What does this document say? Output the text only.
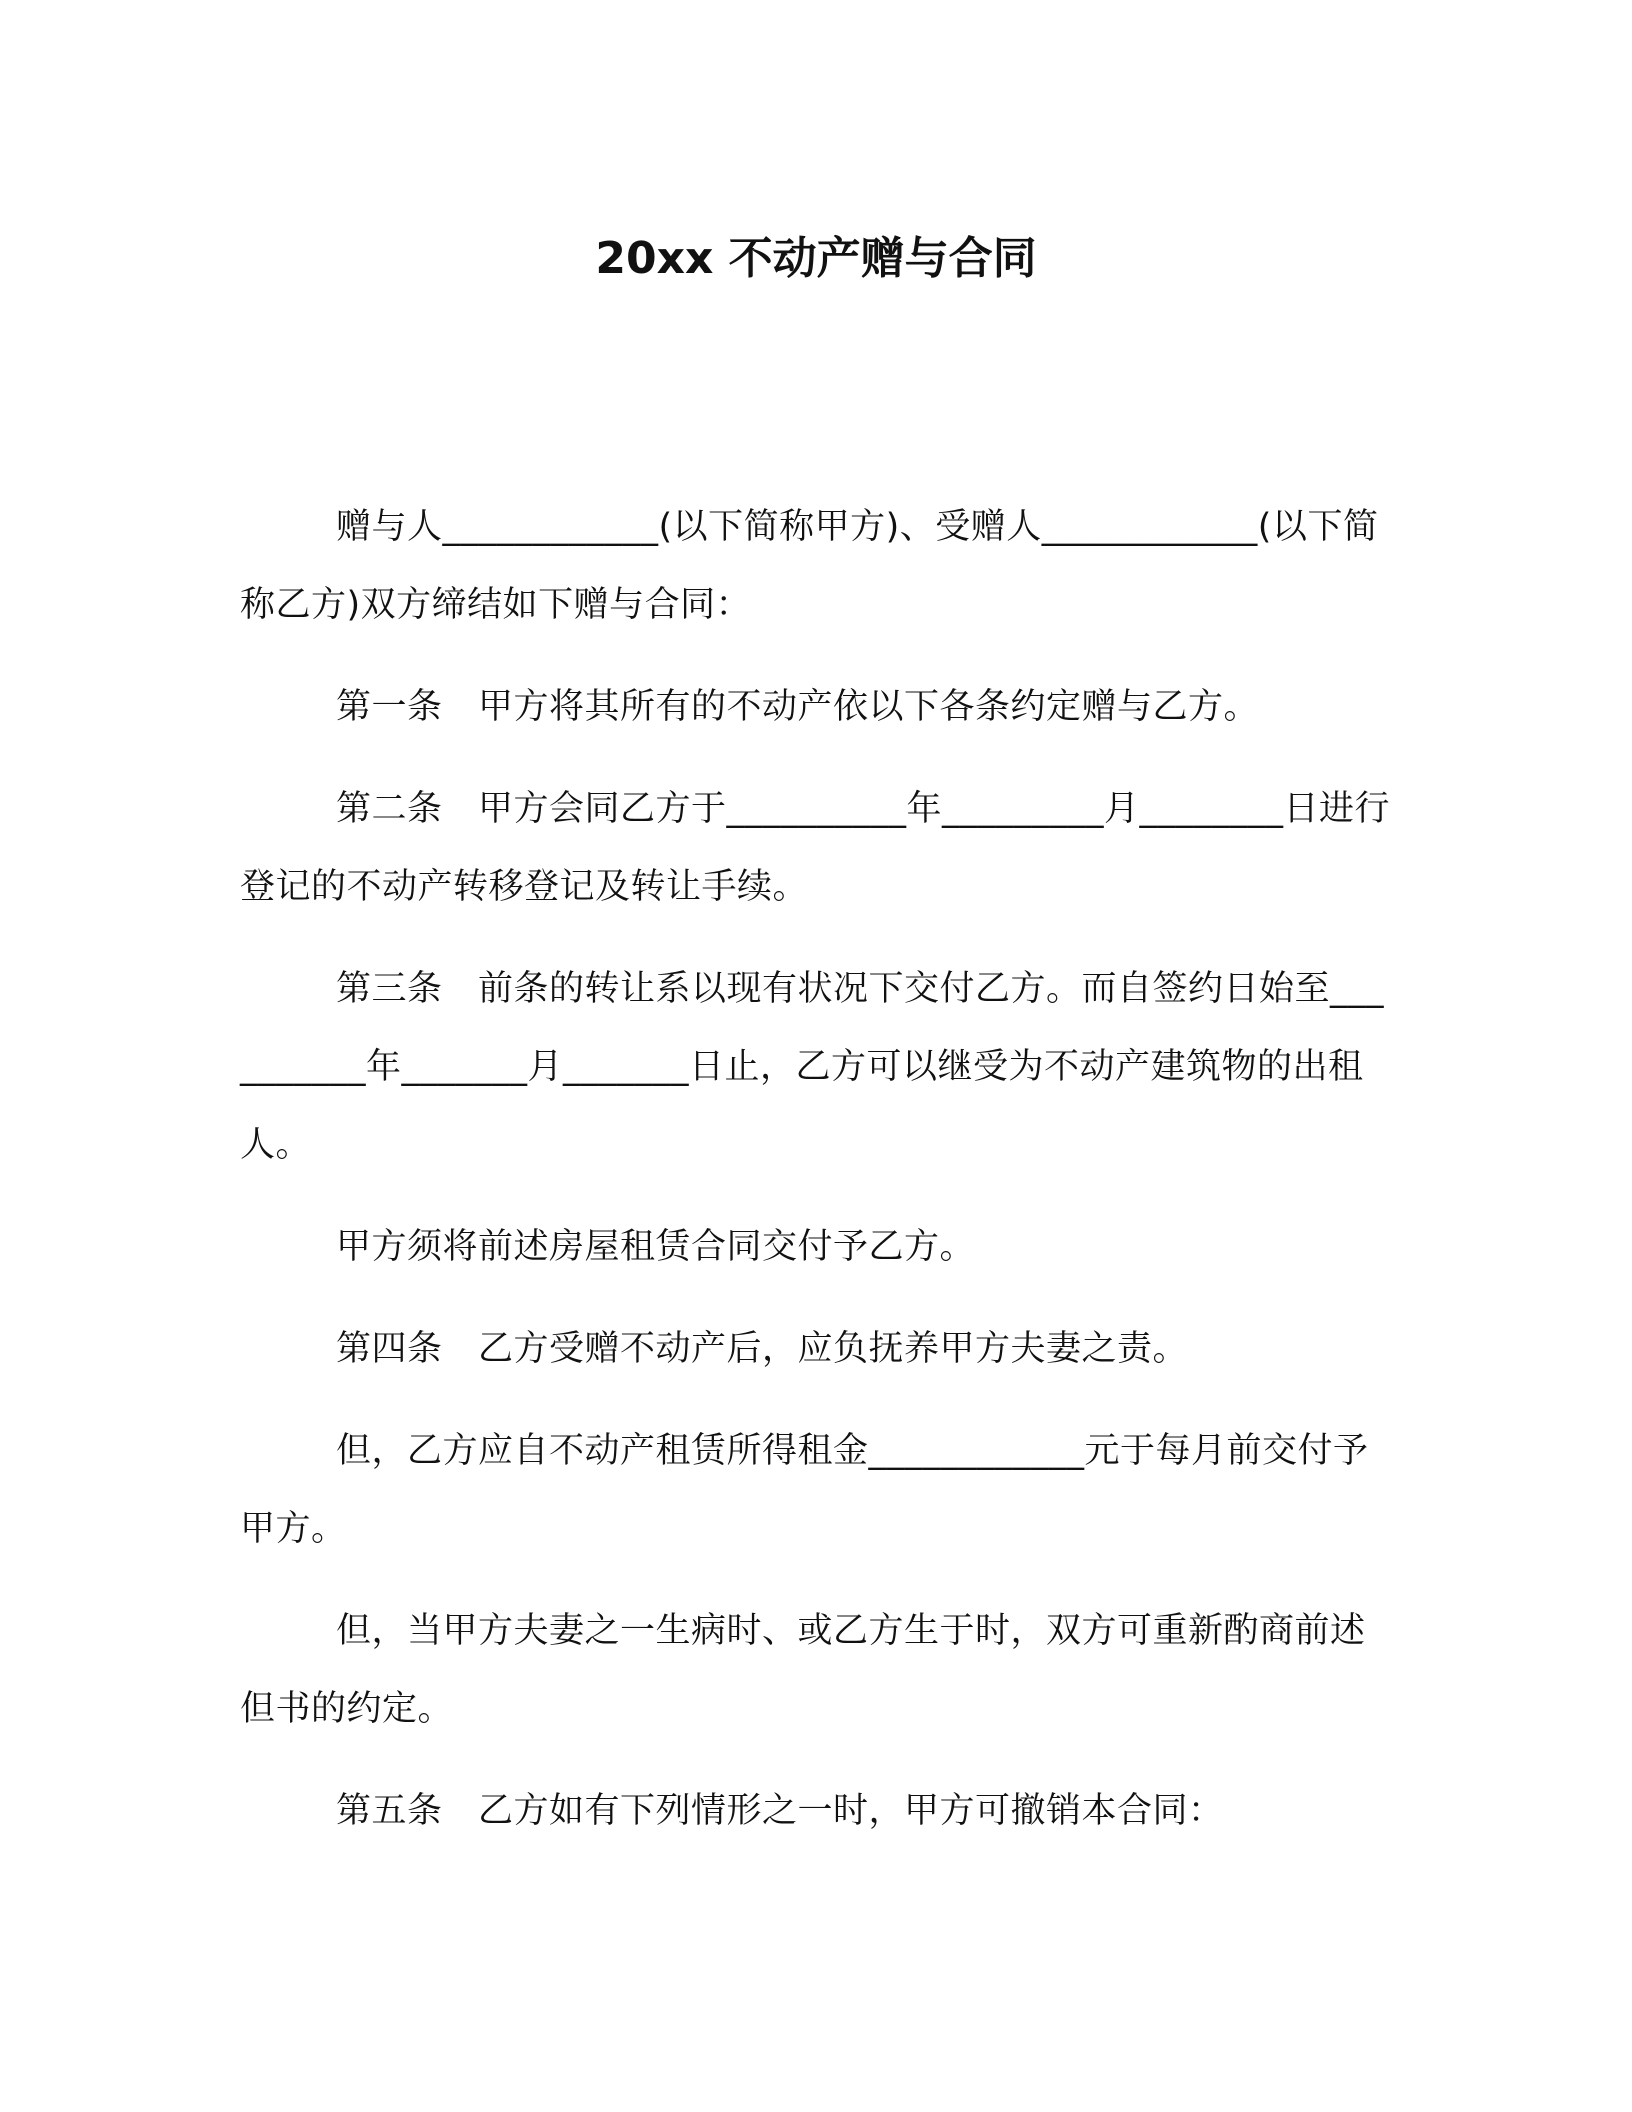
20xx 不动产赠与合同

赠与人____________(以下简称甲方)、受赠人____________(以下简称乙方)双方缔结如下赠与合同：

第一条　甲方将其所有的不动产依以下各条约定赠与乙方。

第二条　甲方会同乙方于__________年_________月________日进行登记的不动产转移登记及转让手续。

第三条　前条的转让系以现有状况下交付乙方。而自签约日始至__________年_______月_______日止，乙方可以继受为不动产建筑物的出租人。

甲方须将前述房屋租赁合同交付予乙方。

第四条　乙方受赠不动产后，应负抚养甲方夫妻之责。

但，乙方应自不动产租赁所得租金____________元于每月前交付予甲方。

但，当甲方夫妻之一生病时、或乙方生于时，双方可重新酌商前述但书的约定。

第五条　乙方如有下列情形之一时，甲方可撤销本合同：
